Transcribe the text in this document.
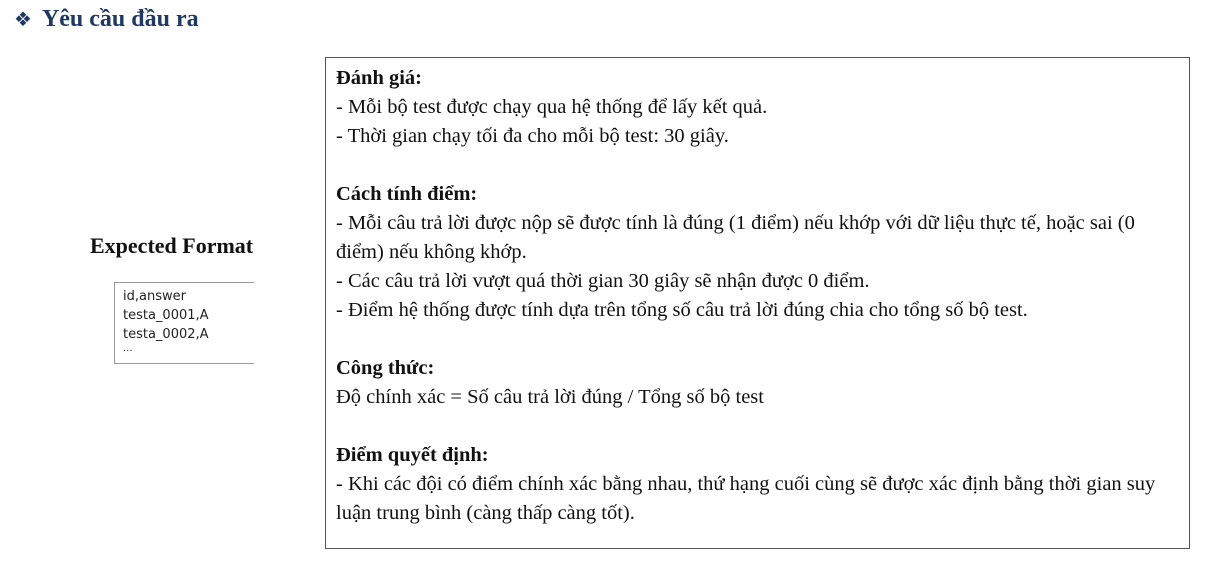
❖ Yêu cầu đầu ra
Expected Format
id,answer
testa_0001,A
testa_0002,A
...
Đánh giá:

- Mỗi bộ test được chạy qua hệ thống để lấy kết quả.

- Thời gian chạy tối đa cho mỗi bộ test: 30 giây.

Cách tính điểm:

- Mỗi câu trả lời được nộp sẽ được tính là đúng (1 điểm) nếu khớp với dữ liệu thực tế, hoặc sai (0 điểm) nếu không khớp.

- Các câu trả lời vượt quá thời gian 30 giây sẽ nhận được 0 điểm.

- Điểm hệ thống được tính dựa trên tổng số câu trả lời đúng chia cho tổng số bộ test.

Công thức:

Độ chính xác = Số câu trả lời đúng / Tổng số bộ test

Điểm quyết định:

- Khi các đội có điểm chính xác bằng nhau, thứ hạng cuối cùng sẽ được xác định bằng thời gian suy luận trung bình (càng thấp càng tốt).
